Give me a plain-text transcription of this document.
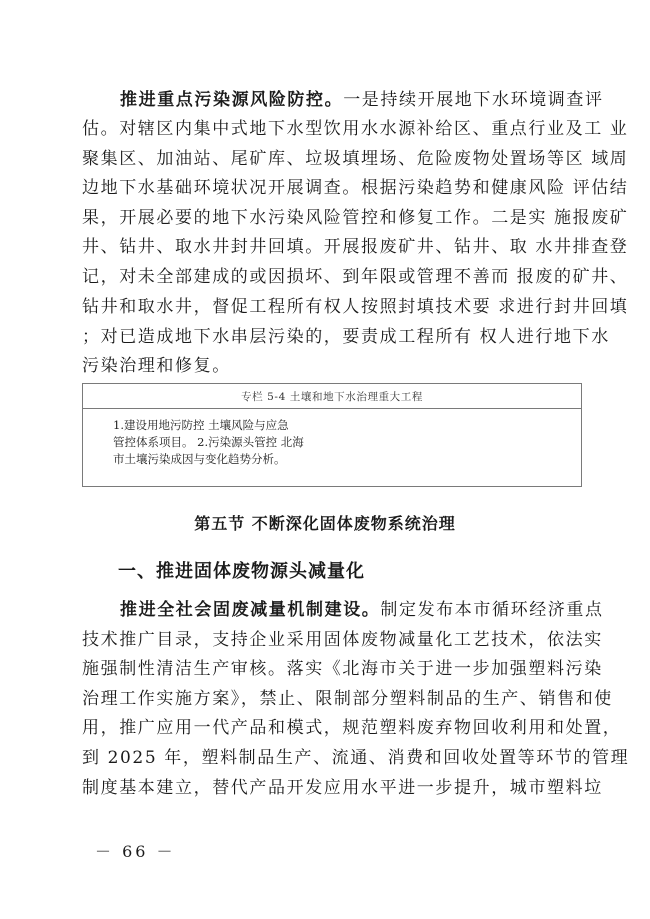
推进重点污染源风险防控。一是持续开展地下水环境调查评
估。对辖区内集中式地下水型饮用水水源补给区、重点行业及工 业
聚集区、加油站、尾矿库、垃圾填埋场、危险废物处置场等区 域周
边地下水基础环境状况开展调查。根据污染趋势和健康风险 评估结
果，开展必要的地下水污染风险管控和修复工作。二是实 施报废矿
井、钻井、取水井封井回填。开展报废矿井、钻井、取 水井排查登
记，对未全部建成的或因损坏、到年限或管理不善而 报废的矿井、
钻井和取水井，督促工程所有权人按照封填技术要 求进行封井回填
；对已造成地下水串层污染的，要责成工程所有 权人进行地下水
污染治理和修复。
专栏 5-4 土壤和地下水治理重大工程
1.建设用地污防控 土壤风险与应急
管控体系项目。 2.污染源头管控 北海
市土壤污染成因与变化趋势分析。
第五节 不断深化固体废物系统治理
一、推进固体废物源头减量化
推进全社会固废减量机制建设。制定发布本市循环经济重点
技术推广目录，支持企业采用固体废物减量化工艺技术，依法实
施强制性清洁生产审核。落实《北海市关于进一步加强塑料污染
治理工作实施方案》，禁止、限制部分塑料制品的生产、销售和使
用，推广应用一代产品和模式，规范塑料废弃物回收利用和处置，
到 2025 年，塑料制品生产、流通、消费和回收处置等环节的管理
制度基本建立，替代产品开发应用水平进一步提升，城市塑料垃
－ 66 －
